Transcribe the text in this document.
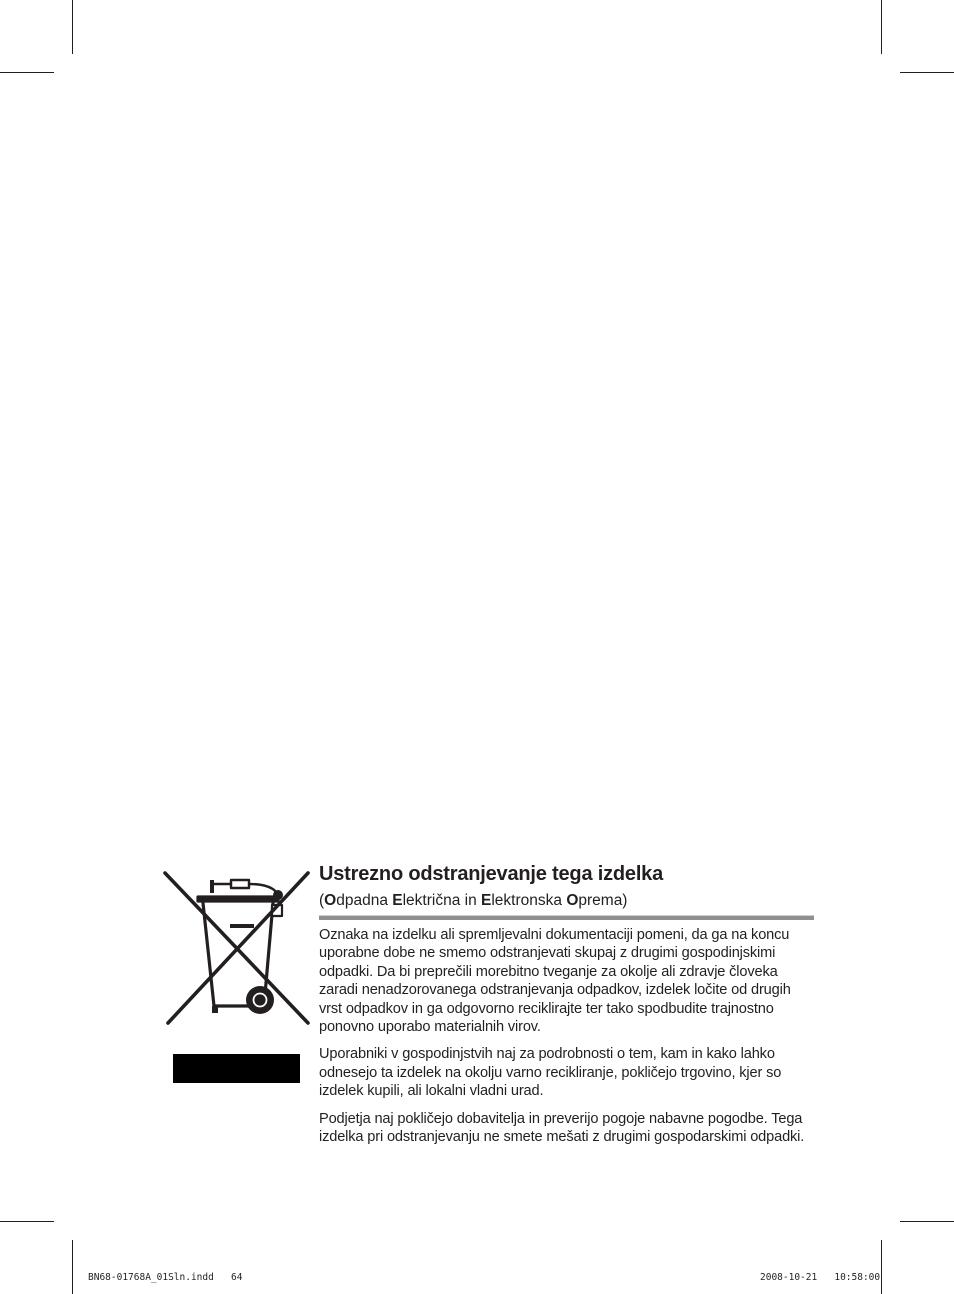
Ustrezno odstranjevanje tega izdelka
(Odpadna Električna in Elektronska Oprema)

Oznaka na izdelku ali spremljevalni dokumentaciji pomeni, da ga na koncu uporabne dobe ne smemo odstranjevati skupaj z drugimi gospodinjskimi odpadki. Da bi preprečili morebitno tveganje za okolje ali zdravje človeka zaradi nenadzorovanega odstranjevanja odpadkov, izdelek ločite od drugih vrst odpadkov in ga odgovorno reciklirajte ter tako spodbudite trajnostno ponovno uporabo materialnih virov.

Uporabniki v gospodinjstvih naj za podrobnosti o tem, kam in kako lahko odnesejo ta izdelek na okolju varno recikliranje, pokličejo trgovino, kjer so izdelek kupili, ali lokalni vladni urad.

Podjetja naj pokličejo dobavitelja in preverijo pogoje nabavne pogodbe. Tega izdelka pri odstranjevanju ne smete mešati z drugimi gospodarskimi odpadki.

BN68-01768A_01Sln.indd   64	2008-10-21   10:58:00
